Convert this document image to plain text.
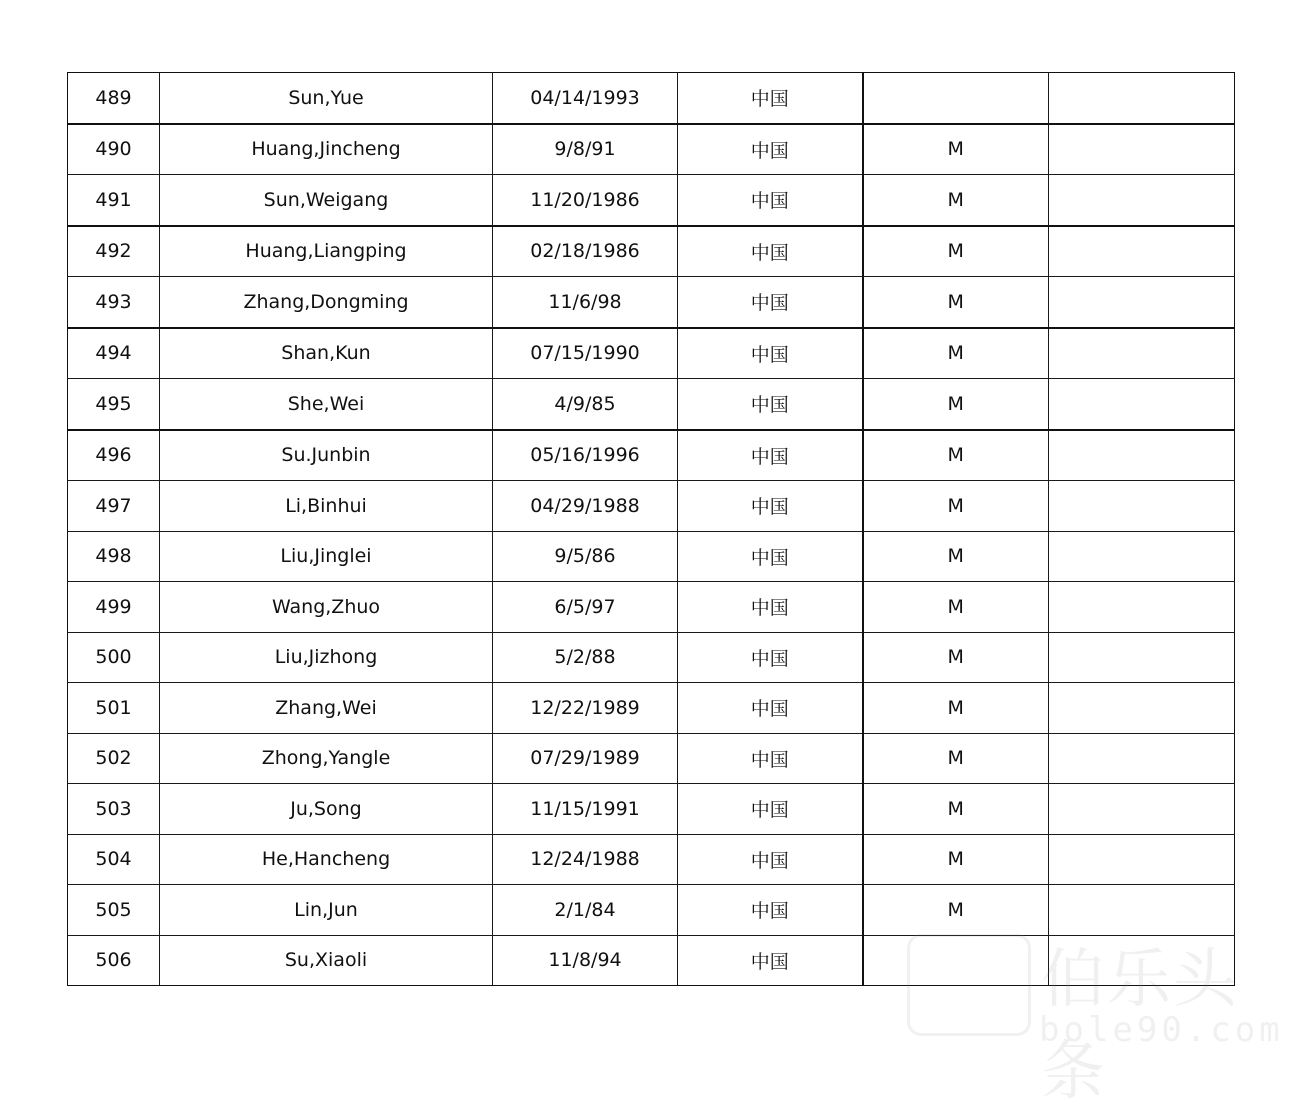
489	Sun,Yue	04/14/1993	中国		
490	Huang,Jincheng	9/8/91	中国	M	
491	Sun,Weigang	11/20/1986	中国	M	
492	Huang,Liangping	02/18/1986	中国	M	
493	Zhang,Dongming	11/6/98	中国	M	
494	Shan,Kun	07/15/1990	中国	M	
495	She,Wei	4/9/85	中国	M	
496	Su.Junbin	05/16/1996	中国	M	
497	Li,Binhui	04/29/1988	中国	M	
498	Liu,Jinglei	9/5/86	中国	M	
499	Wang,Zhuo	6/5/97	中国	M	
500	Liu,Jizhong	5/2/88	中国	M	
501	Zhang,Wei	12/22/1989	中国	M	
502	Zhong,Yangle	07/29/1989	中国	M	
503	Ju,Song	11/15/1991	中国	M	
504	He,Hancheng	12/24/1988	中国	M	
505	Lin,Jun	2/1/84	中国	M	
506	Su,Xiaoli	11/8/94	中国			伯乐头条
bole90.com
